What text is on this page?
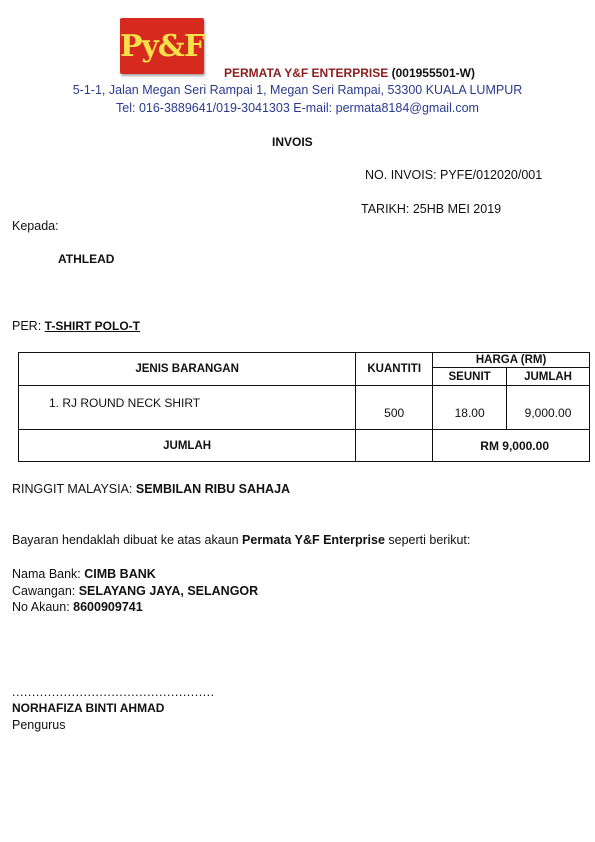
Py&F
PERMATA Y&F ENTERPRISE (001955501-W)
5-1-1, Jalan Megan Seri Rampai 1, Megan Seri Rampai, 53300 KUALA LUMPUR
Tel: 016-3889641/019-3041303 E-mail: permata8184@gmail.com
INVOIS
NO. INVOIS: PYFE/012020/001
TARIKH: 25HB MEI 2019
Kepada:
ATHLEAD
PER: T-SHIRT POLO-T
JENIS BARANGAN	KUANTITI	HARGA (RM)	
		SEUNIT	JUMLAH
1. RJ ROUND NECK SHIRT	500	18.00	9,000.00
JUMLAH		RM 9,000.00	
RINGGIT MALAYSIA: SEMBILAN RIBU SAHAJA
Bayaran hendaklah dibuat ke atas akaun Permata Y&F Enterprise seperti berikut:
Nama Bank: CIMB BANK
Cawangan: SELAYANG JAYA, SELANGOR
No Akaun: 8600909741
...................................................
NORHAFIZA BINTI AHMAD
Pengurus
